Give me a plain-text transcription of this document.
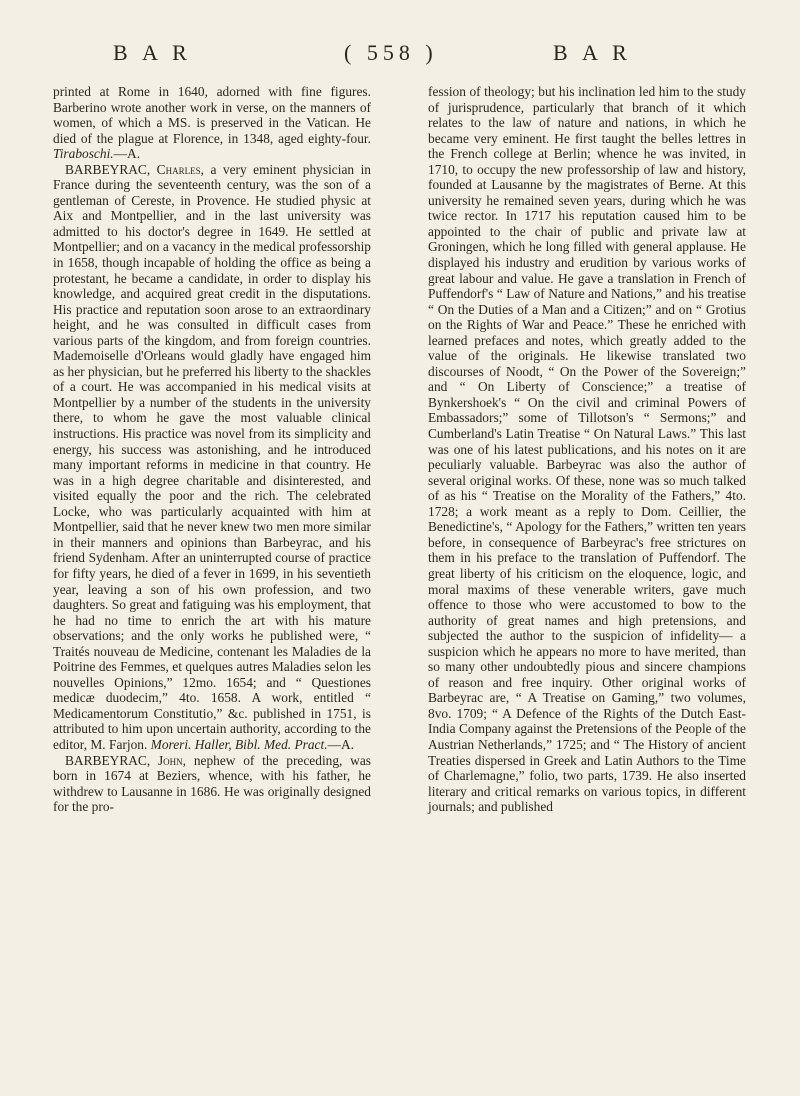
B A R	( 558 )	B A R

printed at Rome in 1640, adorned with fine figures. Barberino wrote another work in verse, on the manners of women, of which a MS. is preserved in the Vatican. He died of the plague at Florence, in 1348, aged eighty-four. Tiraboschi.—A.

BARBEYRAC, Charles, a very eminent physician in France during the seventeenth century, was the son of a gentleman of Cereste, in Provence. He studied physic at Aix and Montpellier, and in the last university was admitted to his doctor's degree in 1649. He settled at Montpellier; and on a vacancy in the medical professorship in 1658, though incapable of holding the office as being a protestant, he became a candidate, in order to display his knowledge, and acquired great credit in the disputations. His practice and reputation soon arose to an extraordinary height, and he was consulted in difficult cases from various parts of the kingdom, and from foreign countries. Mademoiselle d'Orleans would gladly have engaged him as her physician, but he preferred his liberty to the shackles of a court. He was accompanied in his medical visits at Montpellier by a number of the students in the university there, to whom he gave the most valuable clinical instructions. His practice was novel from its simplicity and energy, his success was astonishing, and he introduced many important reforms in medicine in that country. He was in a high degree charitable and disinterested, and visited equally the poor and the rich. The celebrated Locke, who was particularly acquainted with him at Montpellier, said that he never knew two men more similar in their manners and opinions than Barbeyrac, and his friend Sydenham. After an uninterrupted course of practice for fifty years, he died of a fever in 1699, in his seventieth year, leaving a son of his own profession, and two daughters. So great and fatiguing was his employment, that he had no time to enrich the art with his mature observations; and the only works he published were, “ Traités nouveau de Medicine, contenant les Maladies de la Poitrine des Femmes, et quelques autres Maladies selon les nouvelles Opinions,” 12mo. 1654; and “ Questiones medicæ duodecim,” 4to. 1658. A work, entitled “ Medicamentorum Constitutio,” &c. published in 1751, is attributed to him upon uncertain authority, according to the editor, M. Farjon. Moreri. Haller, Bibl. Med. Pract.—A.

BARBEYRAC, John, nephew of the preceding, was born in 1674 at Beziers, whence, with his father, he withdrew to Lausanne in 1686. He was originally designed for the pro-

fession of theology; but his inclination led him to the study of jurisprudence, particularly that branch of it which relates to the law of nature and nations, in which he became very eminent. He first taught the belles lettres in the French college at Berlin; whence he was invited, in 1710, to occupy the new professorship of law and history, founded at Lausanne by the magistrates of Berne. At this university he remained seven years, during which he was twice rector. In 1717 his reputation caused him to be appointed to the chair of public and private law at Groningen, which he long filled with general applause. He displayed his industry and erudition by various works of great labour and value. He gave a translation in French of Puffendorf's “ Law of Nature and Nations,” and his treatise “ On the Duties of a Man and a Citizen;” and on “ Grotius on the Rights of War and Peace.” These he enriched with learned prefaces and notes, which greatly added to the value of the originals. He likewise translated two discourses of Noodt, “ On the Power of the Sovereign;” and “ On Liberty of Conscience;” a treatise of Bynkershoek's “ On the civil and criminal Powers of Embassadors;” some of Tillotson's “ Sermons;” and Cumberland's Latin Treatise “ On Natural Laws.” This last was one of his latest publications, and his notes on it are peculiarly valuable. Barbeyrac was also the author of several original works. Of these, none was so much talked of as his “ Treatise on the Morality of the Fathers,” 4to. 1728; a work meant as a reply to Dom. Ceillier, the Benedictine's, “ Apology for the Fathers,” written ten years before, in consequence of Barbeyrac's free strictures on them in his preface to the translation of Puffendorf. The great liberty of his criticism on the eloquence, logic, and moral maxims of these venerable writers, gave much offence to those who were accustomed to bow to the authority of great names and high pretensions, and subjected the author to the suspicion of infidelity— a suspicion which he appears no more to have merited, than so many other undoubtedly pious and sincere champions of reason and free inquiry. Other original works of Barbeyrac are, “ A Treatise on Gaming,” two volumes, 8vo. 1709; “ A Defence of the Rights of the Dutch East-India Company against the Pretensions of the People of the Austrian Netherlands,” 1725; and “ The History of ancient Treaties dispersed in Greek and Latin Authors to the Time of Charlemagne,” folio, two parts, 1739. He also inserted literary and critical remarks on various topics, in different journals; and published
